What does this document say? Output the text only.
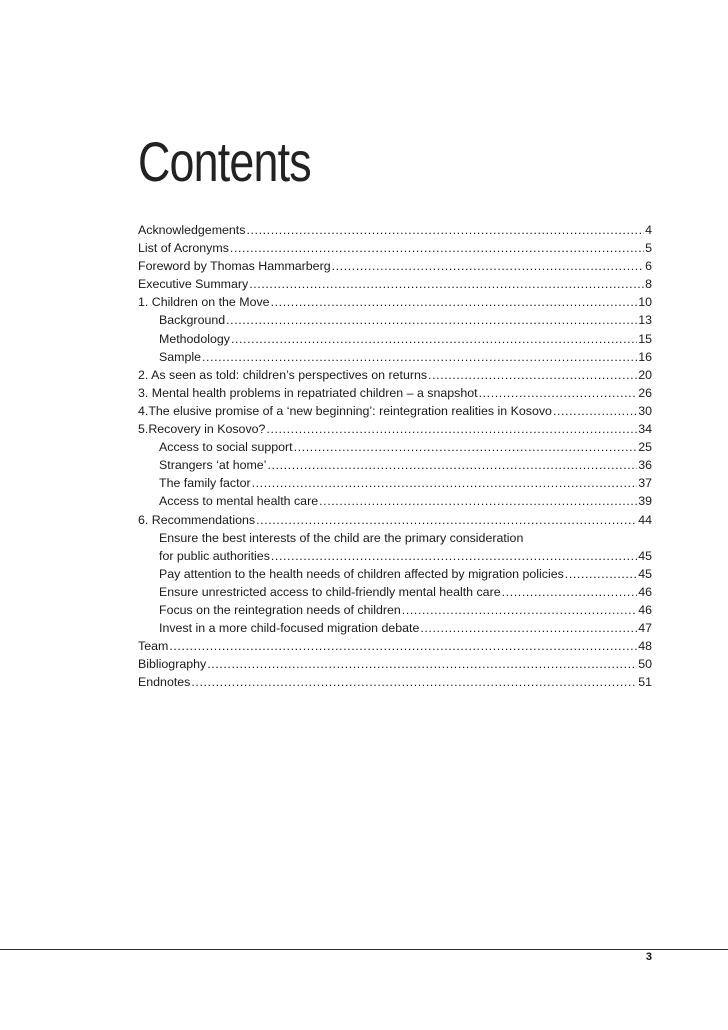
Contents
Acknowledgements .....	4
List of Acronyms .....	5
Foreword by Thomas Hammarberg .....	6
Executive Summary .....	8
1. Children on the Move .....	10
Background .....	13
Methodology .....	15
Sample .....	16
2. As seen as told: children’s perspectives on returns .....	20
3. Mental health problems in repatriated children – a snapshot .....	26
4.The elusive promise of a ‘new beginning’: reintegration realities in Kosovo .....	30
5.Recovery in Kosovo? .....	34
Access to social support .....	25
Strangers ‘at home’ .....	36
The family factor .....	37
Access to mental health care .....	39
6. Recommendations .....	44
Ensure the best interests of the child are the primary consideration
for public authorities .....	45
Pay attention to the health needs of children affected by migration policies .....	45
Ensure unrestricted access to child-friendly mental health care .....	46
Focus on the reintegration needs of children .....	46
Invest in a more child-focused migration debate .....	47
Team .....	48
Bibliography .....	50
Endnotes .....	51
3
